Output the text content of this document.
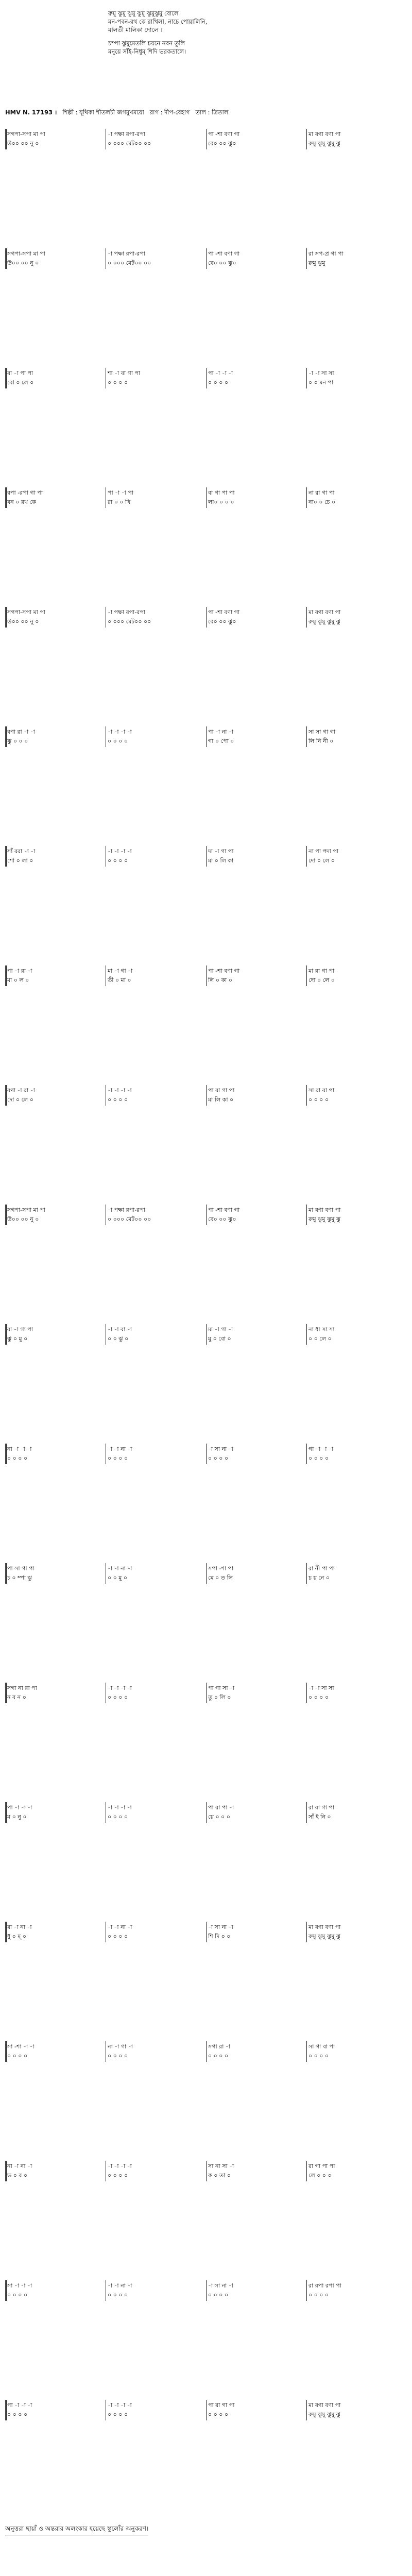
রুমু ঝুমু ঝুমু ঝুমু ঝুমুঝুমু বোলে
মন-পবন-রথ কে রাখিলা, নাচে পোয়ালিনি,
মালতী মালিকা দোলে ।
চম্পা ঝুমুমেতলি চয়নে নবন তুলি
মনুয়ে সাঁই-নিধুম্ শিদি ভরকতালে।
HMV N. 17193 । শিল্পী : যূথিকা শীতলচী জগমুখময়ো রাগ : দীপ-বেহাগ তাল : ত্রিতাল
সগপা-সপা মা পা
উ০০ ০০ নু ০
-া পক্ষা রপা-রপা
০ ০০০ মেট০০ ০০
পা -শা বণা গা
বে০ ০০ ঝু০
মা বণা বণা পা
রুমু ঝুমু ঝুমু ঝু
সগপা-সপা মা পা
উ০০ ০০ নু ০
-া পক্ষা রপা-রপা
০ ০০০ মেট০০ ০০
পা -শা বণা গা
বে০ ০০ ঝু০
রা সপ-প্র গা পা
রুমু ঝুমু
রা -া পা পা
বো ০ লে ০
শা -া বা গা পা
০ ০ ০ ০
পা -া -া -া
০ ০ ০ ০
-া -া সা সা
০ ০ মন পা
রপা -রপা গা পা
বন ০ রথ কে
পা -া -া পা
রা ০ ০ খি
বা গা পা পা
লা০ ০ ০ ০
না রা গা পা
না০ ০ চে ০
সগপা-সপা মা পা
উ০০ ০০ নু ০
-া পক্ষা রপা-রপা
০ ০০০ মেট০০ ০০
পা -শা বণা গা
বে০ ০০ ঝু০
মা বণা বণা পা
রুমু ঝুমু ঝুমু ঝু
বণা রা -া -া
ঝু ০ ০ ০
-া -া -া -া
০ ০ ০ ০
পা -া না -া
গা ০ পো ০
সা সা গা গা
লি নি নী ০
সাঁ ররা -া -া
শো ০ লা ০
-া -া -া -া
০ ০ ০ ০
দা -া গা পা
মা ০ লি কা
না পা পদা পা
দো ০ লে ০
পা -া রা -া
মা ০ ল ০
মা -া গা -া
তী ০ মা ০
পা -শা বণা গা
লি ০ কা ০
মা রা গা পা
দো ০ লে ০
বণা -া রা -া
দো ০ লে ০
-া -া -া -া
০ ০ ০ ০
পা রা গা পা
মা লি কা ০
সা রা বা পা
০ ০ ০ ০
সগপা-সপা মা পা
উ০০ ০০ নু ০
-া পক্ষা রপা-রপা
০ ০০০ মেট০০ ০০
পা -শা বণা গা
বে০ ০০ ঝু০
মা বণা বণা পা
রুমু ঝুমু ঝুমু ঝু
বা -া গা পা
ঝু ০ মু ০
-া -া বা -া
০ ০ ঝু ০
মা -া গা -া
মু ০ বো ০
না ধা সা সা
০ ০ লে ০
না -া -া -া
০ ০ ০ ০
-া -া না -া
০ ০ ০ ০
-া সা না -া
০ ০ ০ ০
গা -া -া -া
০ ০ ০ ০
পা সা গা পা
চ ০ ম্পা ঝু
-া -া না -া
০ ০ মু ০
সপা -শা পা
মে ০ ত লি
রা নী পা পা
চ য় নে ০
সগা না রা পা
ন ব ন ০
-া -া -া -া
০ ০ ০ ০
পা গা সা -া
তু ০ লি ০
-া -া সা সা
০ ০ ০ ০
পা -া -া -া
ম ০ নু ০
-া -া -া -া
০ ০ ০ ০
পা রা পা -া
য়ে ০ ০ ০
রা রা গা পা
সাঁ ই নি ০
রা -া না -া
ধু ০ ম্ ০
-া -া না -া
০ ০ ০ ০
-া সা না -া
শি দি ০ ০
মা বণা বণা পা
রুমু ঝুমু ঝুমু ঝু
সা -শা -া -া
০ ০ ০ ০
না -া গা -া
০ ০ ০ ০
সগা রা -া
০ ০ ০ ০
সা গা বা পা
০ ০ ০ ০
না -া না -া
ভ ০ র ০
-া -া -া -া
০ ০ ০ ০
সা না সা -া
ক ০ তা ০
রা গা পা পা
লে ০ ০ ০
সা -া -া -া
০ ০ ০ ০
-া -া না -া
০ ০ ০ ০
-া সা না -া
০ ০ ০ ০
রা রপা রপা পা
০ ০ ০ ০
পা -া -া -া
০ ০ ০ ০
-া -া -া -া
০ ০ ০ ০
পা রা গা পা
০ ০ ০ ০
মা বণা বণা পা
রুমু ঝুমু ঝুমু ঝু
অনুত্তরা ছায়াঁ ও অন্তরার অলংকার হয়েছে স্কুলোঁর অনুকরণ।
